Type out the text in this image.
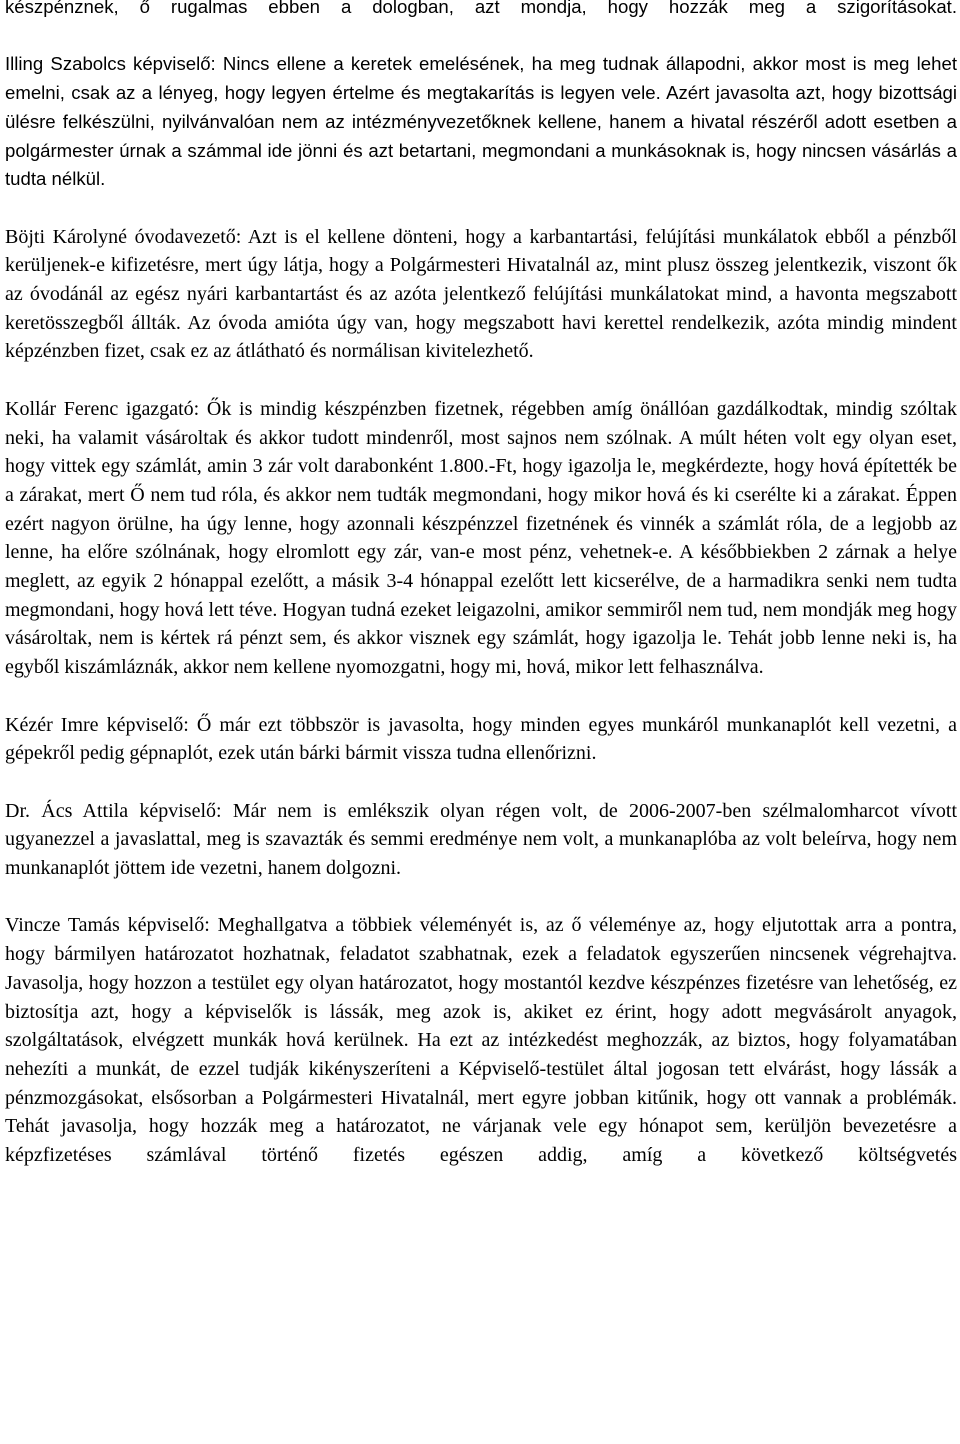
készpénznek, ő rugalmas ebben a dologban, azt mondja, hogy hozzák meg a szigorításokat.

Illing Szabolcs képviselő: Nincs ellene a keretek emelésének, ha meg tudnak állapodni, akkor most is meg lehet emelni, csak az a lényeg, hogy legyen értelme és megtakarítás is legyen vele. Azért javasolta azt, hogy bizottsági ülésre felkészülni, nyilvánvalóan nem az intézményvezetőknek kellene, hanem a hivatal részéről adott esetben a polgármester úrnak a számmal ide jönni és azt betartani, megmondani a munkásoknak is, hogy nincsen vásárlás a tudta nélkül.

Böjti Károlyné óvodavezető: Azt is el kellene dönteni, hogy a karbantartási, felújítási munkálatok ebből a pénzből kerüljenek-e kifizetésre, mert úgy látja, hogy a Polgármesteri Hivatalnál az, mint plusz összeg jelentkezik, viszont ők az óvodánál az egész nyári karbantartást és az azóta jelentkező felújítási munkálatokat mind, a havonta megszabott keretösszegből állták. Az óvoda amióta úgy van, hogy megszabott havi kerettel rendelkezik, azóta mindig mindent képzénzben fizet, csak ez az átlátható és normálisan kivitelezhető.

Kollár Ferenc igazgató: Ők is mindig készpénzben fizetnek, régebben amíg önállóan gazdálkodtak, mindig szóltak neki, ha valamit vásároltak és akkor tudott mindenről, most sajnos nem szólnak. A múlt héten volt egy olyan eset, hogy vittek egy számlát, amin 3 zár volt darabonként 1.800.-Ft, hogy igazolja le, megkérdezte, hogy hová építették be a zárakat, mert Ő nem tud róla, és akkor nem tudták megmondani, hogy mikor hová és ki cserélte ki a zárakat. Éppen ezért nagyon örülne, ha úgy lenne, hogy azonnali készpénzzel fizetnének és vinnék a számlát róla, de a legjobb az lenne, ha előre szólnának, hogy elromlott egy zár, van-e most pénz, vehetnek-e. A későbbiekben 2 zárnak a helye meglett, az egyik 2 hónappal ezelőtt, a másik 3-4 hónappal ezelőtt lett kicserélve, de a harmadikra senki nem tudta megmondani, hogy hová lett téve. Hogyan tudná ezeket leigazolni, amikor semmiről nem tud, nem mondják meg hogy vásároltak, nem is kértek rá pénzt sem, és akkor visznek egy számlát, hogy igazolja le. Tehát jobb lenne neki is, ha egyből kiszámláznák, akkor nem kellene nyomozgatni, hogy mi, hová, mikor lett felhasználva.

Kézér Imre képviselő: Ő már ezt többször is javasolta, hogy minden egyes munkáról munkanaplót kell vezetni, a gépekről pedig gépnaplót, ezek után bárki bármit vissza tudna ellenőrizni.

Dr. Ács Attila képviselő: Már nem is emlékszik olyan régen volt, de 2006-2007-ben szélmalomharcot vívott ugyanezzel a javaslattal, meg is szavazták és semmi eredménye nem volt, a munkanaplóba az volt beleírva, hogy nem munkanaplót jöttem ide vezetni, hanem dolgozni.

Vincze Tamás képviselő: Meghallgatva a többiek véleményét is, az ő véleménye az, hogy eljutottak arra a pontra, hogy bármilyen határozatot hozhatnak, feladatot szabhatnak, ezek a feladatok egyszerűen nincsenek végrehajtva. Javasolja, hogy hozzon a testület egy olyan határozatot, hogy mostantól kezdve készpénzes fizetésre van lehetőség, ez biztosítja azt, hogy a képviselők is lássák, meg azok is, akiket ez érint, hogy adott megvásárolt anyagok, szolgáltatások, elvégzett munkák hová kerülnek. Ha ezt az intézkedést meghozzák, az biztos, hogy folyamatában nehezíti a munkát, de ezzel tudják kikényszeríteni a Képviselő-testület által jogosan tett elvárást, hogy lássák a pénzmozgásokat, elsősorban a Polgármesteri Hivatalnál, mert egyre jobban kitűnik, hogy ott vannak a problémák. Tehát javasolja, hogy hozzák meg a határozatot, ne várjanak vele egy hónapot sem, kerüljön bevezetésre a képzfizetéses számlával történő fizetés egészen addig, amíg a következő költségvetés
